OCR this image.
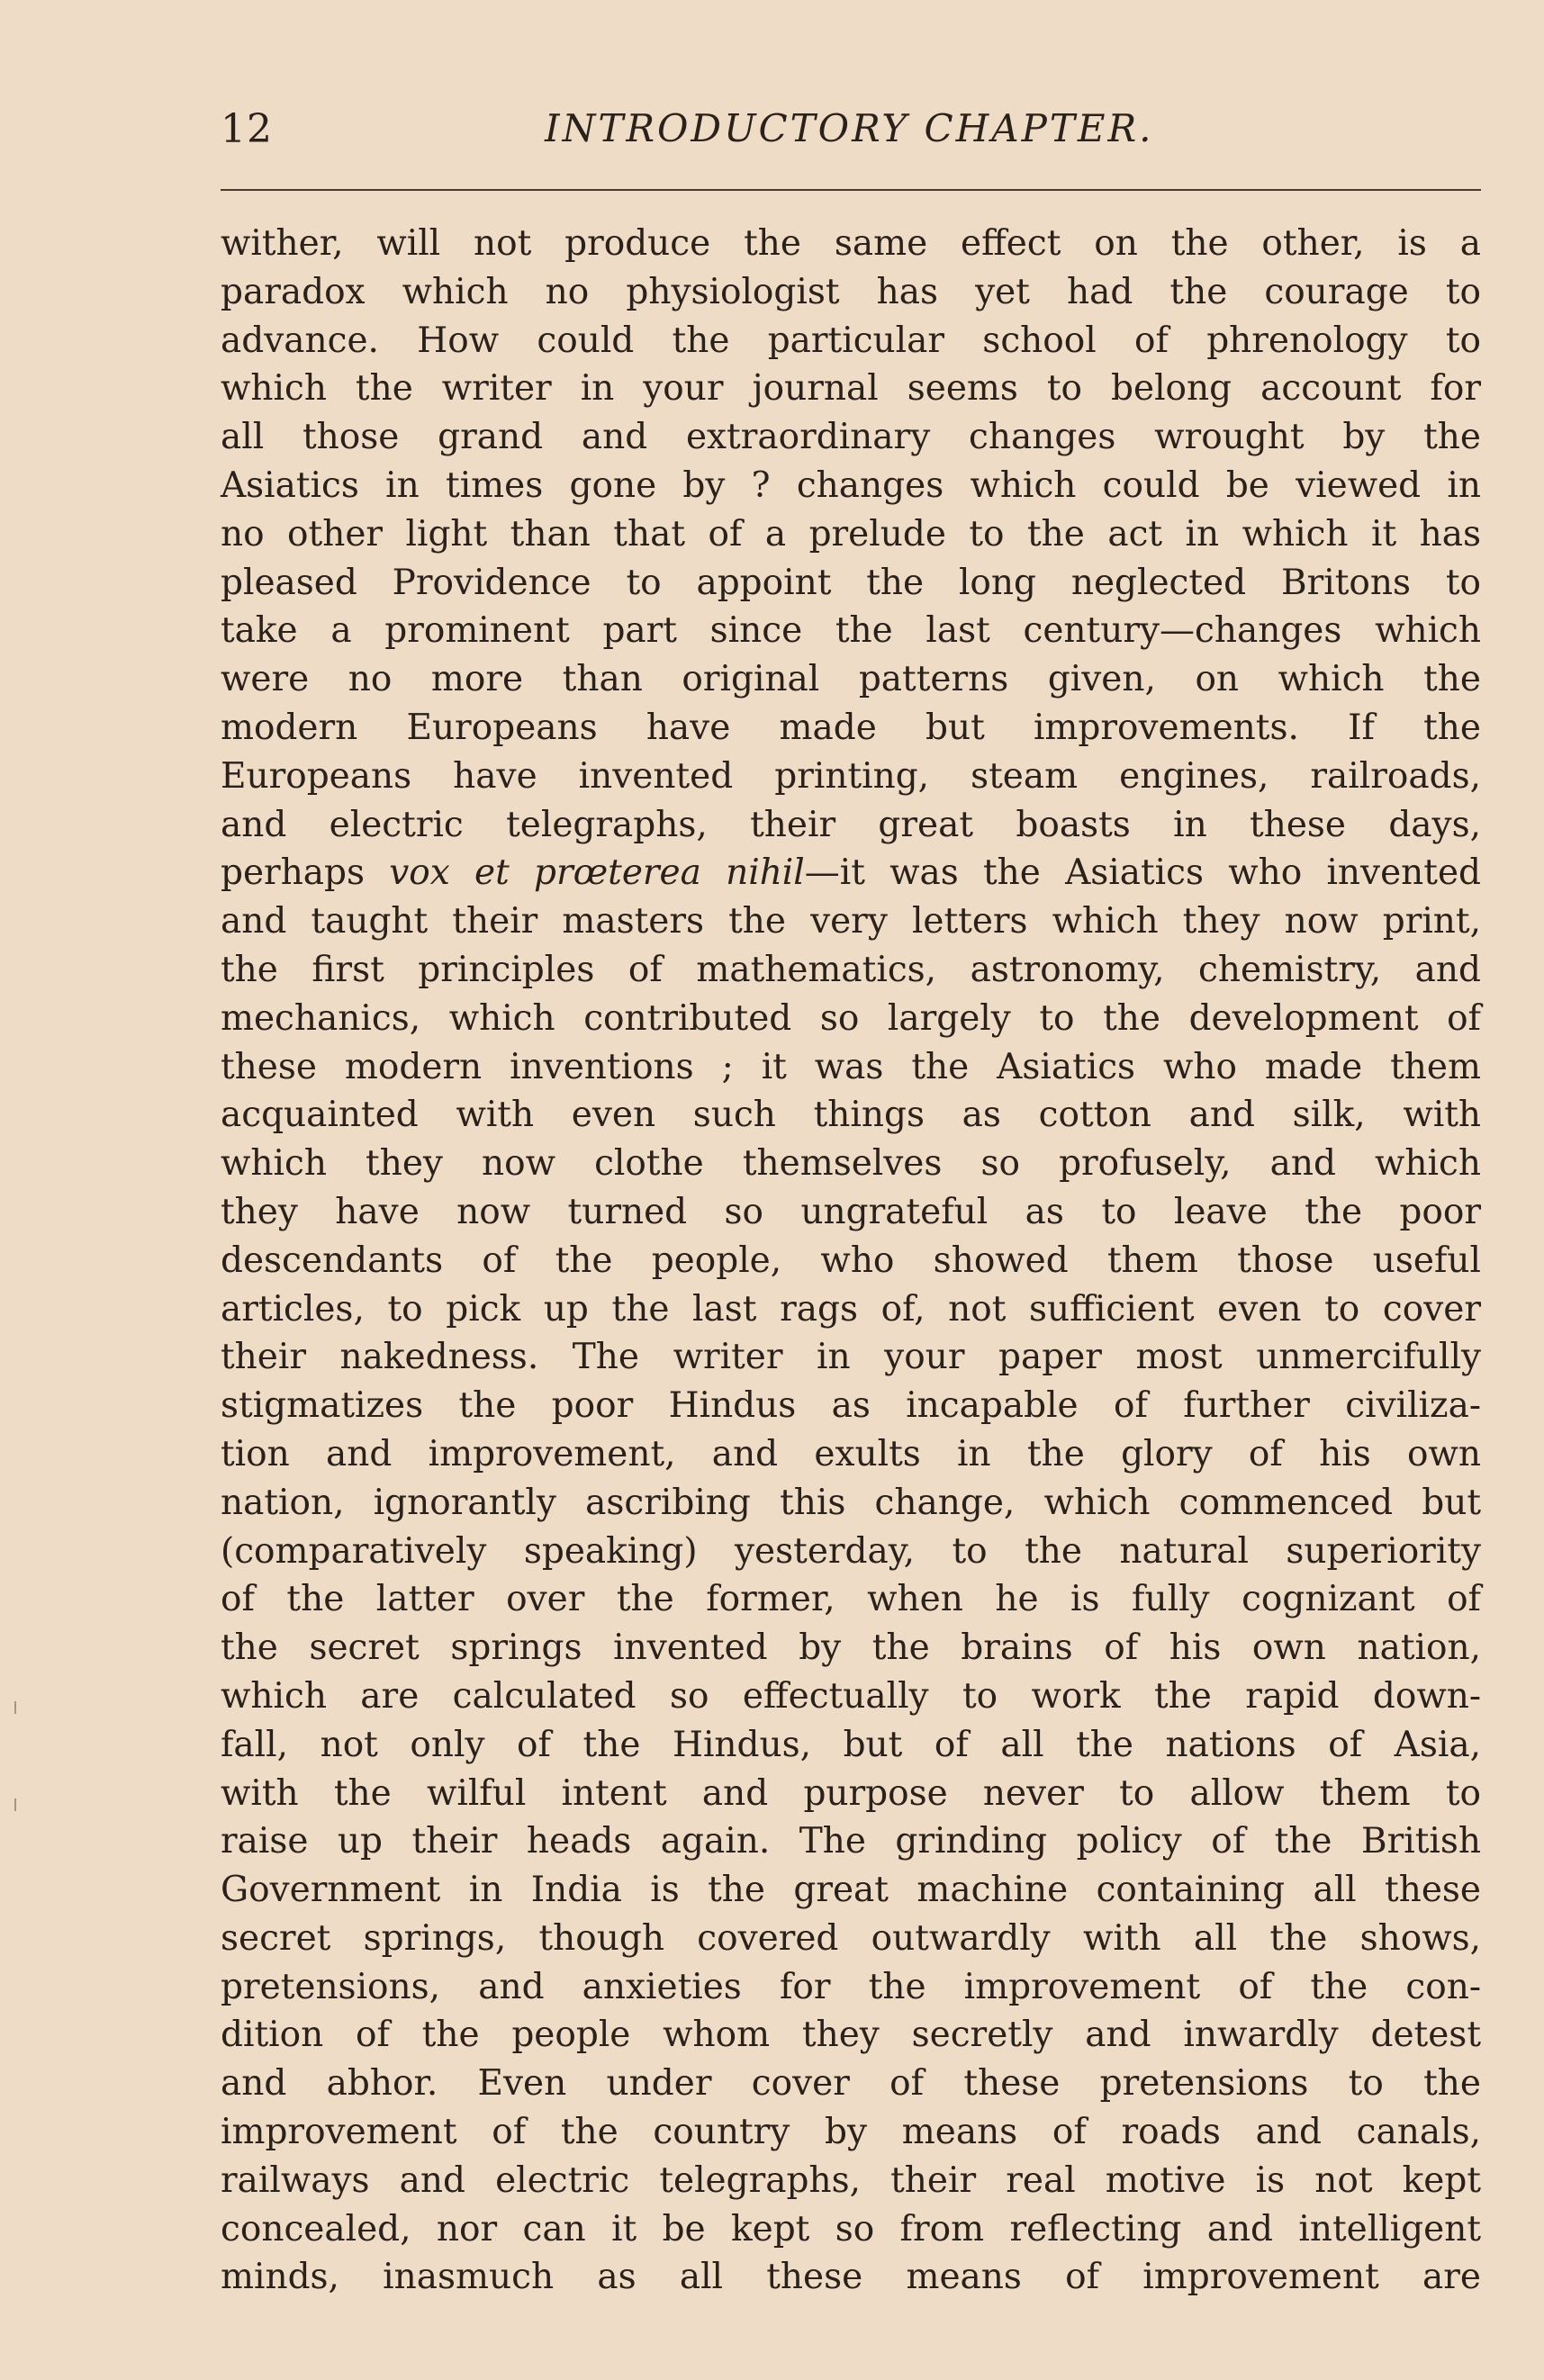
12	INTRODUCTORY CHAPTER.
wither, will not produce the same effect on the other, is a
paradox which no physiologist has yet had the courage to
advance. How could the particular school of phrenology to
which the writer in your journal seems to belong account for
all those grand and extraordinary changes wrought by the
Asiatics in times gone by ? changes which could be viewed in
no other light than that of a prelude to the act in which it has
pleased Providence to appoint the long neglected Britons to
take a prominent part since the last century—changes which
were no more than original patterns given, on which the
modern Europeans have made but improvements. If the
Europeans have invented printing, steam engines, railroads,
and electric telegraphs, their great boasts in these days,
perhaps vox et prœterea nihil—it was the Asiatics who invented
and taught their masters the very letters which they now print,
the first principles of mathematics, astronomy, chemistry, and
mechanics, which contributed so largely to the development of
these modern inventions ; it was the Asiatics who made them
acquainted with even such things as cotton and silk, with
which they now clothe themselves so profusely, and which
they have now turned so ungrateful as to leave the poor
descendants of the people, who showed them those useful
articles, to pick up the last rags of, not sufficient even to cover
their nakedness. The writer in your paper most unmercifully
stigmatizes the poor Hindus as incapable of further civiliza-
tion and improvement, and exults in the glory of his own
nation, ignorantly ascribing this change, which commenced but
(comparatively speaking) yesterday, to the natural superiority
of the latter over the former, when he is fully cognizant of
the secret springs invented by the brains of his own nation,
which are calculated so effectually to work the rapid down-
fall, not only of the Hindus, but of all the nations of Asia,
with the wilful intent and purpose never to allow them to
raise up their heads again. The grinding policy of the British
Government in India is the great machine containing all these
secret springs, though covered outwardly with all the shows,
pretensions, and anxieties for the improvement of the con-
dition of the people whom they secretly and inwardly detest
and abhor. Even under cover of these pretensions to the
improvement of the country by means of roads and canals,
railways and electric telegraphs, their real motive is not kept
concealed, nor can it be kept so from reflecting and intelligent
minds, inasmuch as all these means of improvement are
